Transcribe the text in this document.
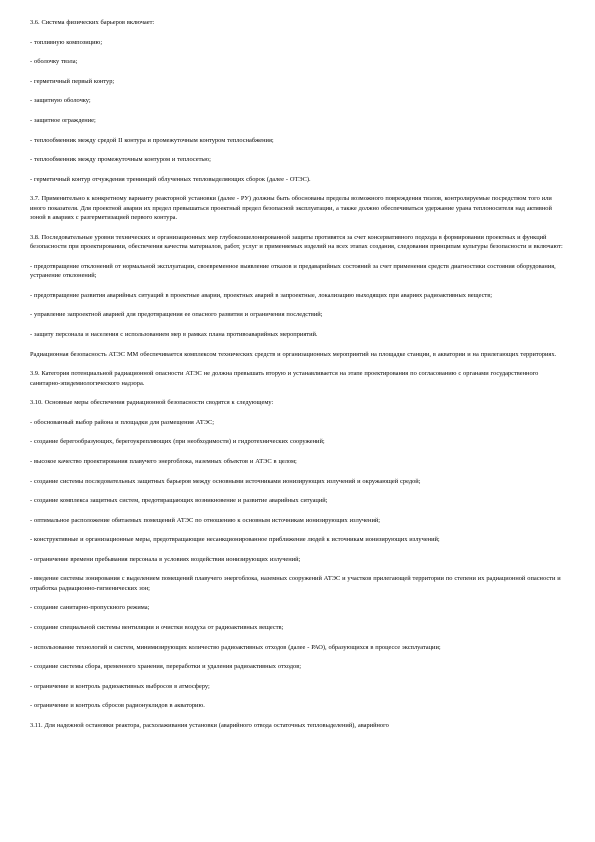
3.6. Система физических барьеров включает:

- топливную композицию;

- оболочку твэла;

- герметичный первый контур;

- защитную оболочку;

- защитное ограждение;

- теплообменник между средой II контура и промежуточным контуром теплоснабжения;

- теплообменник между промежуточным контуром и теплосетью;

- герметичный контур отчуждения тренинций облученных тепловыделяющих сборок (далее - ОТЭС).

3.7. Применительно к конкретному варианту реакторной установки (далее - РУ) должны быть обоснованы пределы возможного повреждения твэлов, контролируемые посредством того или иного показателя. Для проектной аварии их предел превышаться проектный предел безопасной эксплуатации, а также должно обеспечиваться удержание урана теплоносителя над активной зоной в авариях с разгерметизацией первого контура.

3.8. Последовательные уровни технических и организационных мер глубокоэшелонированной защиты противятся за счет консервативного подхода в формировании проектных и функций безопасности при проектировании, обеспечения качества материалов, работ, услуг и применяемых изделий на всех этапах создания, следования принципам культуры безопасности и включают:

- предотвращение отклонений от нормальной эксплуатации, своевременное выявление отказов и предаварийных состояний за счет применения средств диагностики состояния оборудования, устранение отклонений;

- предотвращение развития аварийных ситуаций в проектные аварии, проектных аварий в запроектные, локализацию выходящих при авариях радиоактивных веществ;

- управление запроектной аварией для предотвращения ее опасного развития и ограничения последствий;

- защиту персонала и населения с использованием мер в рамках плана противоаварийных мероприятий.

Радиационная безопасность АТЭС ММ обеспечивается комплексом технических средств и организационных мероприятий на площадке станции, в акватории и на прилегающих территориях.

3.9. Категория потенциальной радиационной опасности АТЭС не должна превышать вторую и устанавливается на этапе проектирования по согласованию с органами государственного санитарно-эпидемиологического надзора.

3.10. Основные меры обеспечения радиационной безопасности сводятся к следующему:

- обоснованный выбор района и площадки для размещения АТЭС;

- создание берегообразующих, берегоукрепляющих (при необходимости) и гидротехнических сооружений;

- высокое качество проектирования плавучего энергоблока, наземных объектов и АТЭС в целом;

- создание системы последовательных защитных барьеров между основными источниками ионизирующих излучений и окружающей средой;

- создание комплекса защитных систем, предотвращающих возникновение и развитие аварийных ситуаций;

- оптимальное расположение обитаемых помещений АТЭС по отношению к основным источникам ионизирующих излучений;

- конструктивные и организационные меры, предотвращающие несанкционированное приближение людей к источникам ионизирующих излучений;

- ограничение времени пребывания персонала в условиях воздействия ионизирующих излучений;

- введение системы зонирования с выделением помещений плавучего энергоблока, наземных сооружений АТЭС и участков прилегающей территории по степени их радиационной опасности и отработка радиационно-гигиенических зон;

- создание санитарно-пропускного режима;

- создание специальной системы вентиляции и очистки воздуха от радиоактивных веществ;

- использование технологий и систем, минимизирующих количество радиоактивных отходов (далее - РАО), образующихся в процессе эксплуатации;

- создание системы сбора, временного хранения, переработки и удаления радиоактивных отходов;

- ограничение и контроль радиоактивных выбросов в атмосферу;

- ограничение и контроль сбросов радионуклидов в акваторию.

3.11. Для надежной остановки реактора, расхолаживания установки (аварийного отвода остаточных тепловыделений), аварийного
